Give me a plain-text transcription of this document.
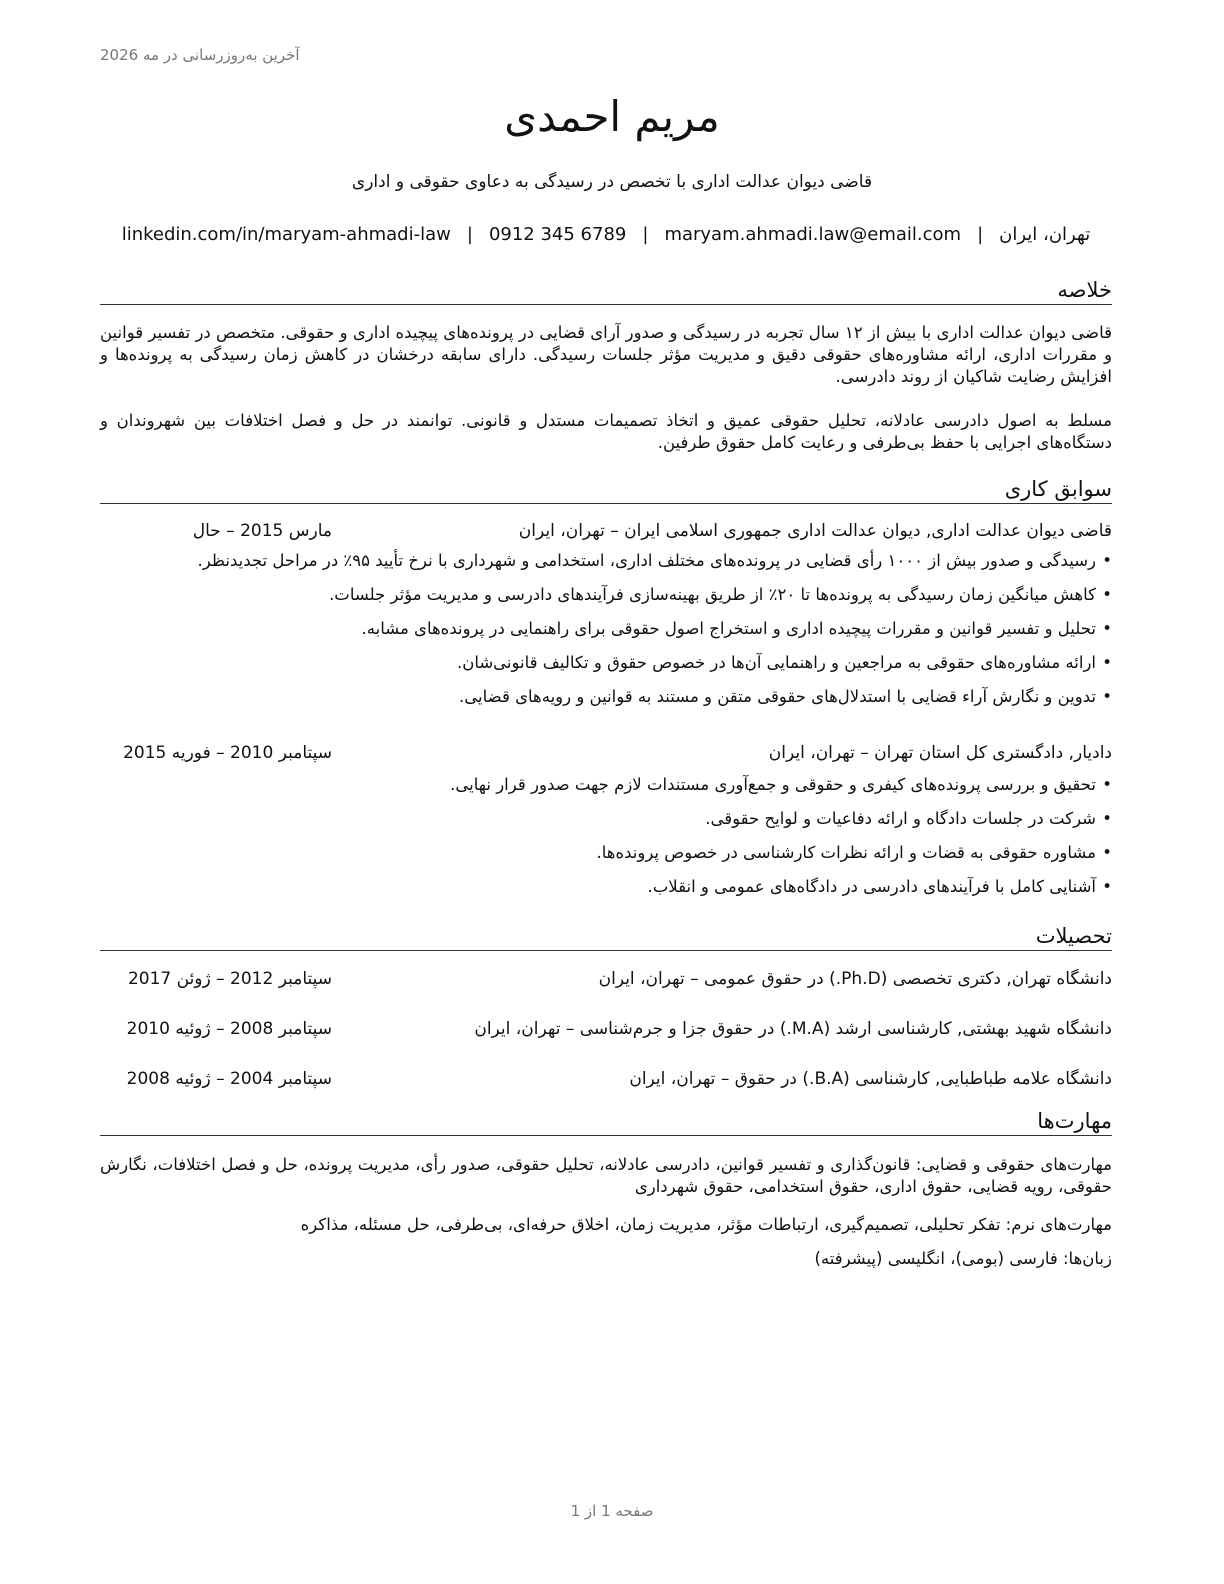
آخرین به‌روزرسانی در مه 2026
مریم احمدی
قاضی دیوان عدالت اداری با تخصص در رسیدگی به دعاوی حقوقی و اداری
تهران، ایران
|
maryam.ahmadi.law@email.com
|
0912 345 6789
|
linkedin.com/in/maryam-ahmadi-law
خلاصه
قاضی دیوان عدالت اداری با بیش از ۱۲ سال تجربه در رسیدگی و صدور آرای قضایی در پرونده‌های پیچیده اداری و حقوقی. متخصص در تفسیر قوانین و مقررات اداری، ارائه مشاوره‌های حقوقی دقیق و مدیریت مؤثر جلسات رسیدگی. دارای سابقه درخشان در کاهش زمان رسیدگی به پرونده‌ها و افزایش رضایت شاکیان از روند دادرسی.
مسلط به اصول دادرسی عادلانه، تحلیل حقوقی عمیق و اتخاذ تصمیمات مستدل و قانونی. توانمند در حل و فصل اختلافات بین شهروندان و دستگاه‌های اجرایی با حفظ بی‌طرفی و رعایت کامل حقوق طرفین.
سوابق کاری
قاضی دیوان عدالت اداری, دیوان عدالت اداری جمهوری اسلامی ایران – تهران، ایران
مارس 2015 – حال
• رسیدگی و صدور بیش از ۱۰۰۰ رأی قضایی در پرونده‌های مختلف اداری، استخدامی و شهرداری با نرخ تأیید ۹۵٪ در مراحل تجدیدنظر.
• کاهش میانگین زمان رسیدگی به پرونده‌ها تا ۲۰٪ از طریق بهینه‌سازی فرآیندهای دادرسی و مدیریت مؤثر جلسات.
• تحلیل و تفسیر قوانین و مقررات پیچیده اداری و استخراج اصول حقوقی برای راهنمایی در پرونده‌های مشابه.
• ارائه مشاوره‌های حقوقی به مراجعین و راهنمایی آن‌ها در خصوص حقوق و تکالیف قانونی‌شان.
• تدوین و نگارش آراء قضایی با استدلال‌های حقوقی متقن و مستند به قوانین و رویه‌های قضایی.
دادیار, دادگستری کل استان تهران – تهران، ایران
سپتامبر 2010 – فوریه 2015
• تحقیق و بررسی پرونده‌های کیفری و حقوقی و جمع‌آوری مستندات لازم جهت صدور قرار نهایی.
• شرکت در جلسات دادگاه و ارائه دفاعیات و لوایح حقوقی.
• مشاوره حقوقی به قضات و ارائه نظرات کارشناسی در خصوص پرونده‌ها.
• آشنایی کامل با فرآیندهای دادرسی در دادگاه‌های عمومی و انقلاب.
تحصیلات
دانشگاه تهران, دکتری تخصصی (Ph.D.) در حقوق عمومی – تهران، ایران
سپتامبر 2012 – ژوئن 2017
دانشگاه شهید بهشتی, کارشناسی ارشد (M.A.) در حقوق جزا و جرم‌شناسی – تهران، ایران
سپتامبر 2008 – ژوئیه 2010
دانشگاه علامه طباطبایی, کارشناسی (B.A.) در حقوق – تهران، ایران
سپتامبر 2004 – ژوئیه 2008
مهارت‌ها
مهارت‌های حقوقی و قضایی: قانون‌گذاری و تفسیر قوانین، دادرسی عادلانه، تحلیل حقوقی، صدور رأی، مدیریت پرونده، حل و فصل اختلافات، نگارش حقوقی، رویه قضایی، حقوق اداری، حقوق استخدامی، حقوق شهرداری
مهارت‌های نرم: تفکر تحلیلی، تصمیم‌گیری، ارتباطات مؤثر، مدیریت زمان، اخلاق حرفه‌ای، بی‌طرفی، حل مسئله، مذاکره
زبان‌ها: فارسی (بومی)، انگلیسی (پیشرفته)
صفحه 1 از 1
